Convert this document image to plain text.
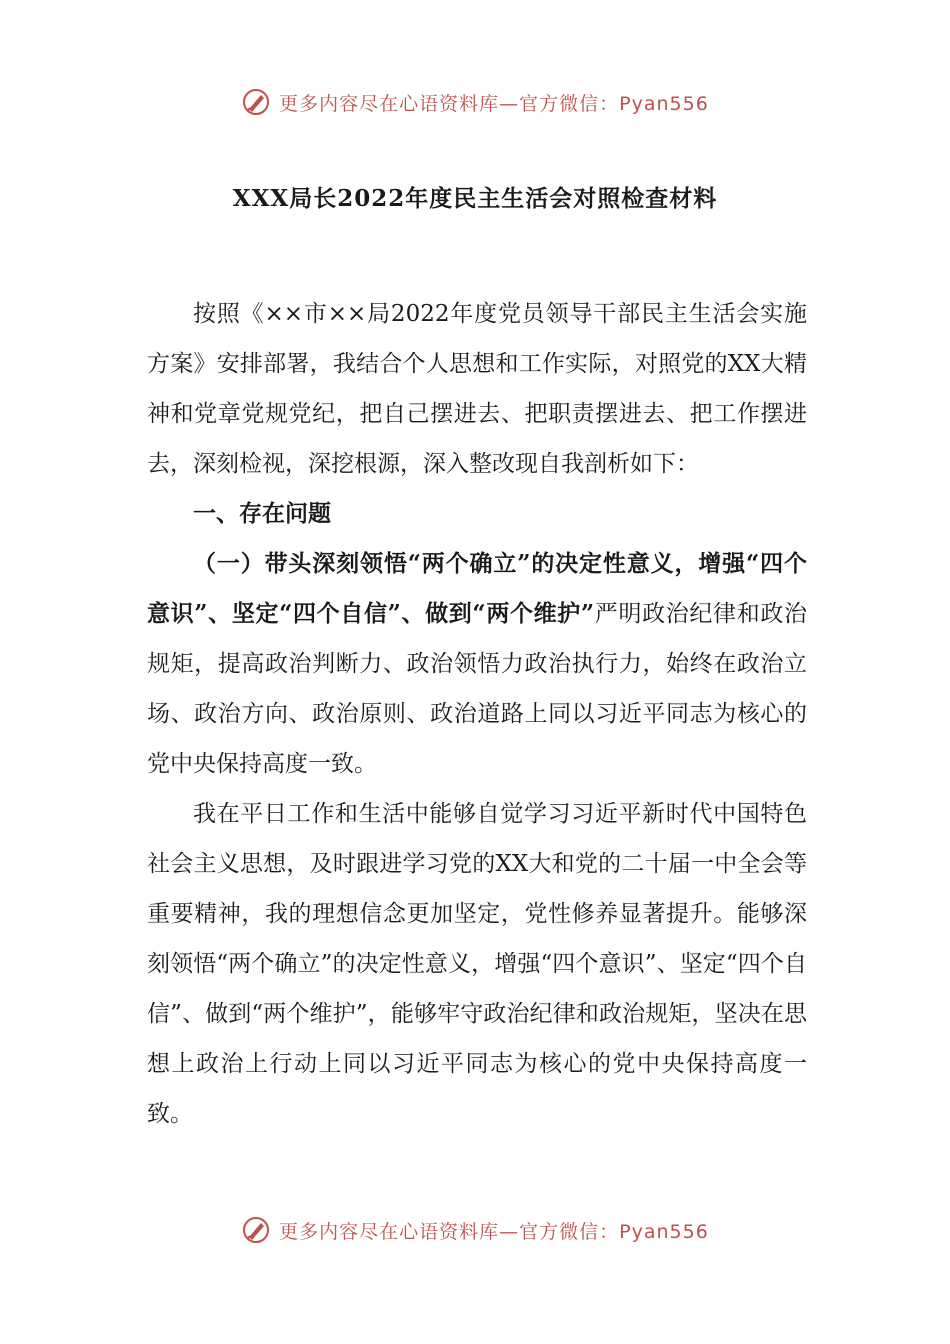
更多内容尽在心语资料库—官方微信：Pyan556
XXX局长2022年度民主生活会对照检查材料

按照《××市××局2022年度党员领导干部民主生活会实施方案》安排部署，我结合个人思想和工作实际，对照党的XX大精神和党章党规党纪，把自己摆进去、把职责摆进去、把工作摆进去，深刻检视，深挖根源，深入整改现自我剖析如下：

一、存在问题

（一）带头深刻领悟“两个确立”的决定性意义，增强“四个意识”、坚定“四个自信”、做到“两个维护”严明政治纪律和政治规矩，提高政治判断力、政治领悟力政治执行力，始终在政治立场、政治方向、政治原则、政治道路上同以习近平同志为核心的党中央保持高度一致。

我在平日工作和生活中能够自觉学习习近平新时代中国特色社会主义思想，及时跟进学习党的XX大和党的二十届一中全会等重要精神，我的理想信念更加坚定，党性修养显著提升。能够深刻领悟“两个确立”的决定性意义，增强“四个意识”、坚定“四个自信”、做到“两个维护”，能够牢守政治纪律和政治规矩，坚决在思想上政治上行动上同以习近平同志为核心的党中央保持高度一致。

更多内容尽在心语资料库—官方微信：Pyan556
